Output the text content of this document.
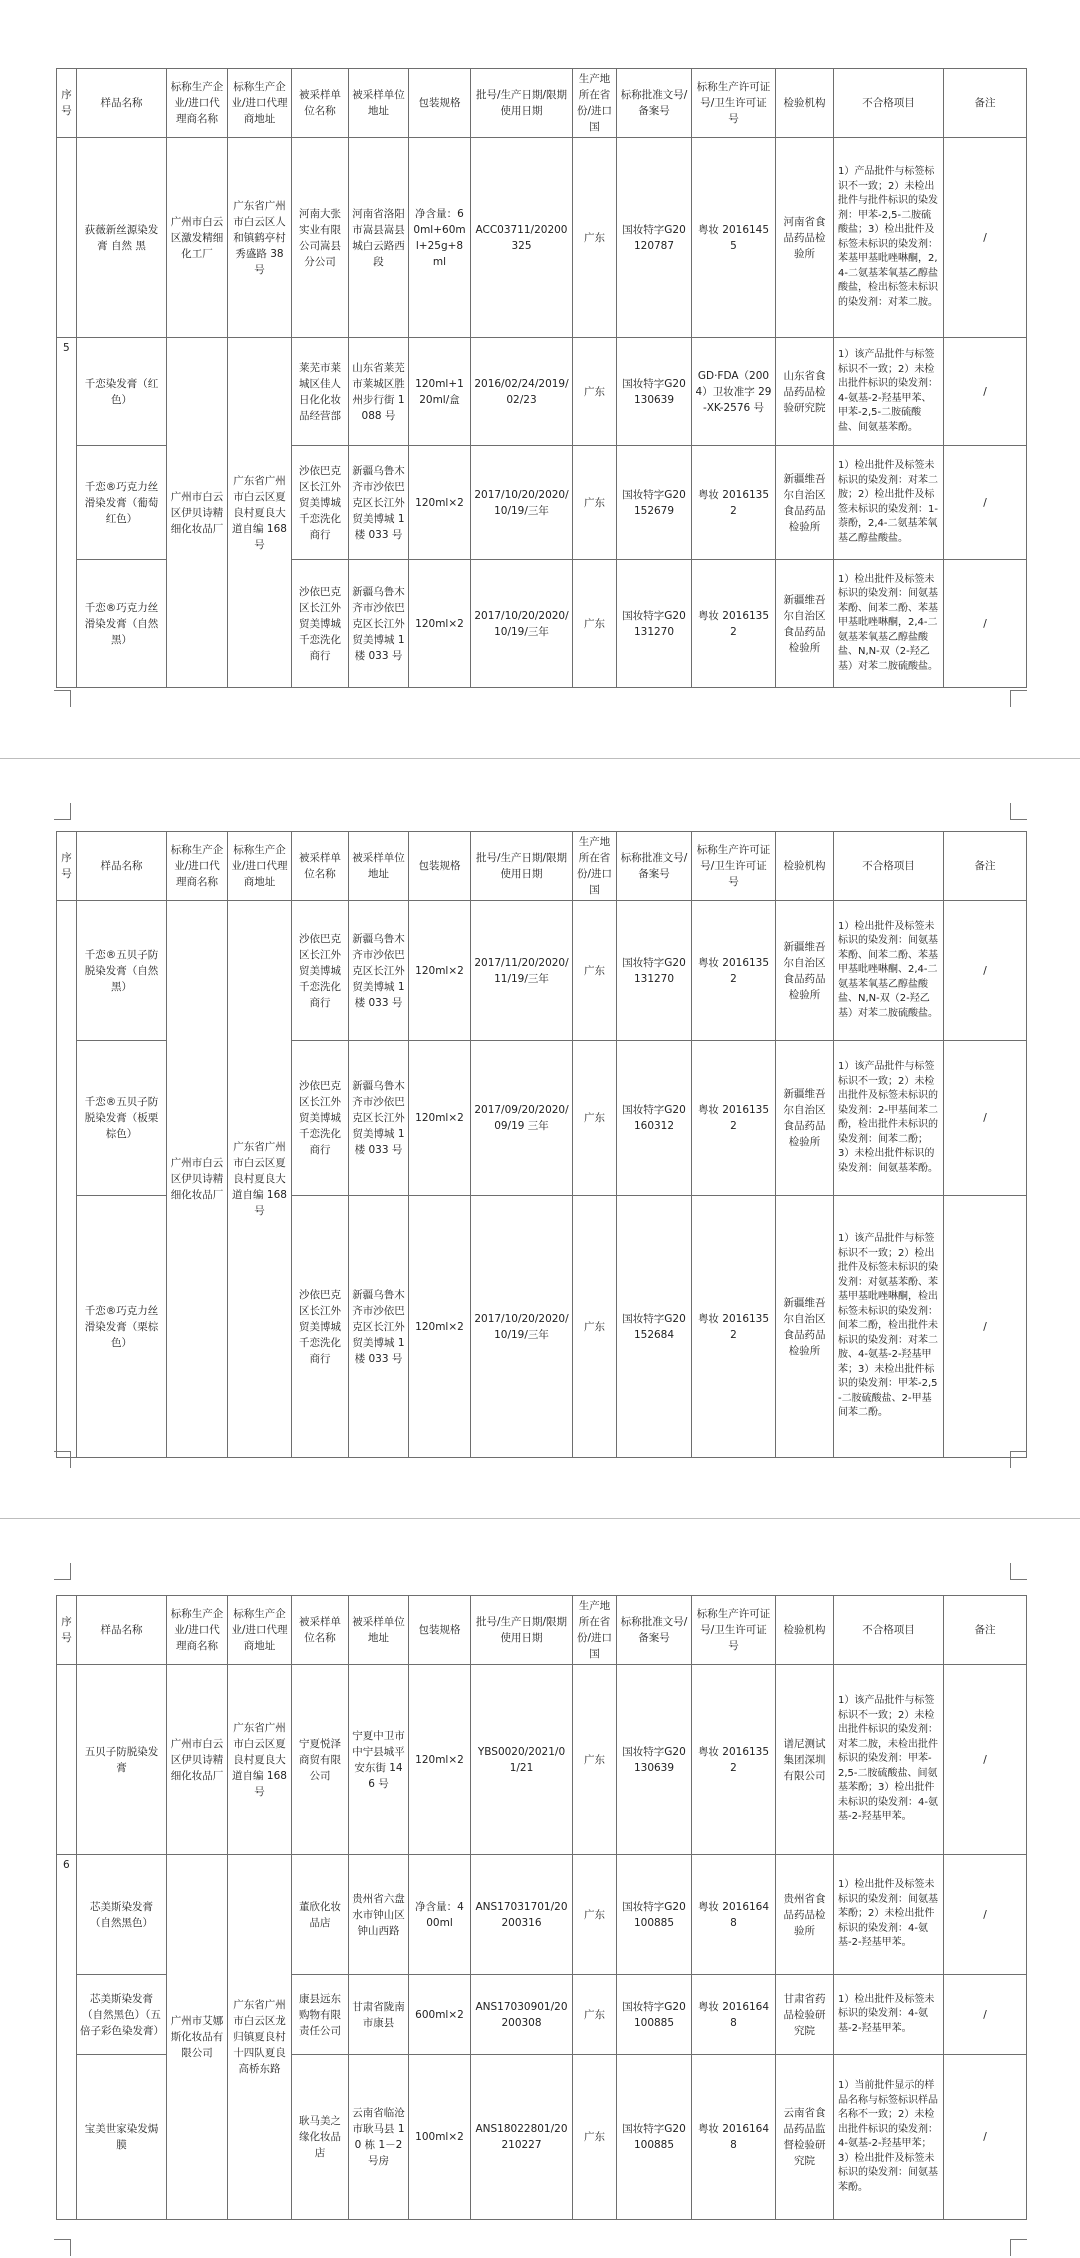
序号	样品名称	标称生产企业/进口代理商名称	标称生产企业/进口代理商地址	被采样单位名称	被采样单位地址	包装规格	批号/生产日期/限期使用日期	生产地所在省份/进口国	标称批准文号/备案号	标称生产许可证号/卫生许可证号	检验机构	不合格项目	备注
	荻薇新丝源染发膏 自然 黑	广州市白云区激发精细化工厂	广东省广州市白云区人和镇鹤亭村秀盛路 38 号	河南大张实业有限公司嵩县分公司	河南省洛阳市嵩县嵩县城白云路西段	净含量：60ml+60ml+25g+8ml	ACC03711/20200325	广东	国妆特字G20120787	粤妆 20161455	河南省食品药品检验所	1）产品批件与标签标识不一致；2）未检出批件与批件标识的染发剂：甲苯-2,5-二胺硫酸盐；3）检出批件及标签未标识的染发剂：苯基甲基吡唑啉酮，2,4-二氨基苯氧基乙醇盐酸盐，检出标签未标识的染发剂：对苯二胺。	/
5	千恋染发膏（红色）	广州市白云区伊贝诗精细化妆品厂	广东省广州市白云区夏良村夏良大道自编 168 号	莱芜市莱城区佳人日化化妆品经营部	山东省莱芜市莱城区胜州步行街 1088 号	120ml+120ml/盒	2016/02/24/2019/02/23	广东	国妆特字G20130639	GD·FDA（2004）卫妆准字 29-XK-2576 号	山东省食品药品检验研究院	1）该产品批件与标签标识不一致；2）未检出批件标识的染发剂：4-氨基-2-羟基甲苯、甲苯-2,5-二胺硫酸盐、间氨基苯酚。	/
	千恋®巧克力丝滑染发膏（葡萄红色）			沙依巴克区长江外贸美博城千恋洗化商行	新疆乌鲁木齐市沙依巴克区长江外贸美博城 1 楼 033 号	120ml×2	2017/10/20/2020/10/19/三年	广东	国妆特字G20152679	粤妆 20161352	新疆维吾尔自治区食品药品检验所	1）检出批件及标签未标识的染发剂：对苯二胺；2）检出批件及标签未标识的染发剂：1-萘酚，2,4-二氨基苯氧基乙醇盐酸盐。	/
	千恋®巧克力丝滑染发膏（自然黑）			沙依巴克区长江外贸美博城千恋洗化商行	新疆乌鲁木齐市沙依巴克区长江外贸美博城 1 楼 033 号	120ml×2	2017/10/20/2020/10/19/三年	广东	国妆特字G20131270	粤妆 20161352	新疆维吾尔自治区食品药品检验所	1）检出批件及标签未标识的染发剂：间氨基苯酚、间苯二酚、苯基甲基吡唑啉酮，2,4-二氨基苯氧基乙醇盐酸盐、N,N-双（2-羟乙基）对苯二胺硫酸盐。	/
序号	样品名称	标称生产企业/进口代理商名称	标称生产企业/进口代理商地址	被采样单位名称	被采样单位地址	包装规格	批号/生产日期/限期使用日期	生产地所在省份/进口国	标称批准文号/备案号	标称生产许可证号/卫生许可证号	检验机构	不合格项目	备注
	千恋®五贝子防脱染发膏（自然黑）	广州市白云区伊贝诗精细化妆品厂	广东省广州市白云区夏良村夏良大道自编 168 号	沙依巴克区长江外贸美博城千恋洗化商行	新疆乌鲁木齐市沙依巴克区长江外贸美博城 1 楼 033 号	120ml×2	2017/11/20/2020/11/19/三年	广东	国妆特字G20131270	粤妆 20161352	新疆维吾尔自治区食品药品检验所	1）检出批件及标签未标识的染发剂：间氨基苯酚、间苯二酚、苯基甲基吡唑啉酮、2,4-二氨基苯氧基乙醇盐酸盐、N,N-双（2-羟乙基）对苯二胺硫酸盐。	/
	千恋®五贝子防脱染发膏（板栗棕色）			沙依巴克区长江外贸美博城千恋洗化商行	新疆乌鲁木齐市沙依巴克区长江外贸美博城 1 楼 033 号	120ml×2	2017/09/20/2020/09/19 三年	广东	国妆特字G20160312	粤妆 20161352	新疆维吾尔自治区食品药品检验所	1）该产品批件与标签标识不一致；2）未检出批件及标签未标识的染发剂：2-甲基间苯二酚，检出批件未标识的染发剂：间苯二酚；3）未检出批件标识的染发剂：间氨基苯酚。	/
	千恋®巧克力丝滑染发膏（栗棕色）			沙依巴克区长江外贸美博城千恋洗化商行	新疆乌鲁木齐市沙依巴克区长江外贸美博城 1 楼 033 号	120ml×2	2017/10/20/2020/10/19/三年	广东	国妆特字G20152684	粤妆 20161352	新疆维吾尔自治区食品药品检验所	1）该产品批件与标签标识不一致；2）检出批件及标签未标识的染发剂：对氨基苯酚、苯基甲基吡唑啉酮，检出标签未标识的染发剂：间苯二酚，检出批件未标识的染发剂：对苯二胺、4-氨基-2-羟基甲苯；3）未检出批件标识的染发剂：甲苯-2,5-二胺硫酸盐、2-甲基间苯二酚。	/
序号	样品名称	标称生产企业/进口代理商名称	标称生产企业/进口代理商地址	被采样单位名称	被采样单位地址	包装规格	批号/生产日期/限期使用日期	生产地所在省份/进口国	标称批准文号/备案号	标称生产许可证号/卫生许可证号	检验机构	不合格项目	备注
	五贝子防脱染发膏	广州市白云区伊贝诗精细化妆品厂	广东省广州市白云区夏良村夏良大道自编 168 号	宁夏悦泽商贸有限公司	宁夏中卫市中宁县城平安东街 146 号	120ml×2	YBS0020/2021/01/21	广东	国妆特字G20130639	粤妆 20161352	谱尼测试集团深圳有限公司	1）该产品批件与标签标识不一致；2）未检出批件标识的染发剂：对苯二胺，未检出批件标识的染发剂：甲苯-2,5-二胺硫酸盐、间氨基苯酚；3）检出批件未标识的染发剂：4-氨基-2-羟基甲苯。	/
6	芯美斯染发膏（自然黑色）	广州市艾娜斯化妆品有限公司	广东省广州市白云区龙归镇夏良村十四队夏良高桥东路	董欣化妆品店	贵州省六盘水市钟山区钟山西路	净含量：400ml	ANS17031701/20200316	广东	国妆特字G20100885	粤妆 20161648	贵州省食品药品检验所	1）检出批件及标签未标识的染发剂：间氨基苯酚；2）未检出批件标识的染发剂：4-氨基-2-羟基甲苯。	/
	芯美斯染发膏（自然黑色）（五倍子彩色染发膏）			康县远东购物有限责任公司	甘肃省陇南市康县	600ml×2	ANS17030901/20200308	广东	国妆特字G20100885	粤妆 20161648	甘肃省药品检验研究院	1）检出批件及标签未标识的染发剂：4-氨基-2-羟基甲苯。	/
	宝美世家染发焗膜			耿马美之缘化妆品店	云南省临沧市耿马县 10 栋 1－2 号房	100ml×2	ANS18022801/20210227	广东	国妆特字G20100885	粤妆 20161648	云南省食品药品监督检验研究院	1）当前批件显示的样品名称与标签标识样品名称不一致；2）未检出批件标识的染发剂：4-氨基-2-羟基甲苯；3）检出批件及标签未标识的染发剂：间氨基苯酚。	/
